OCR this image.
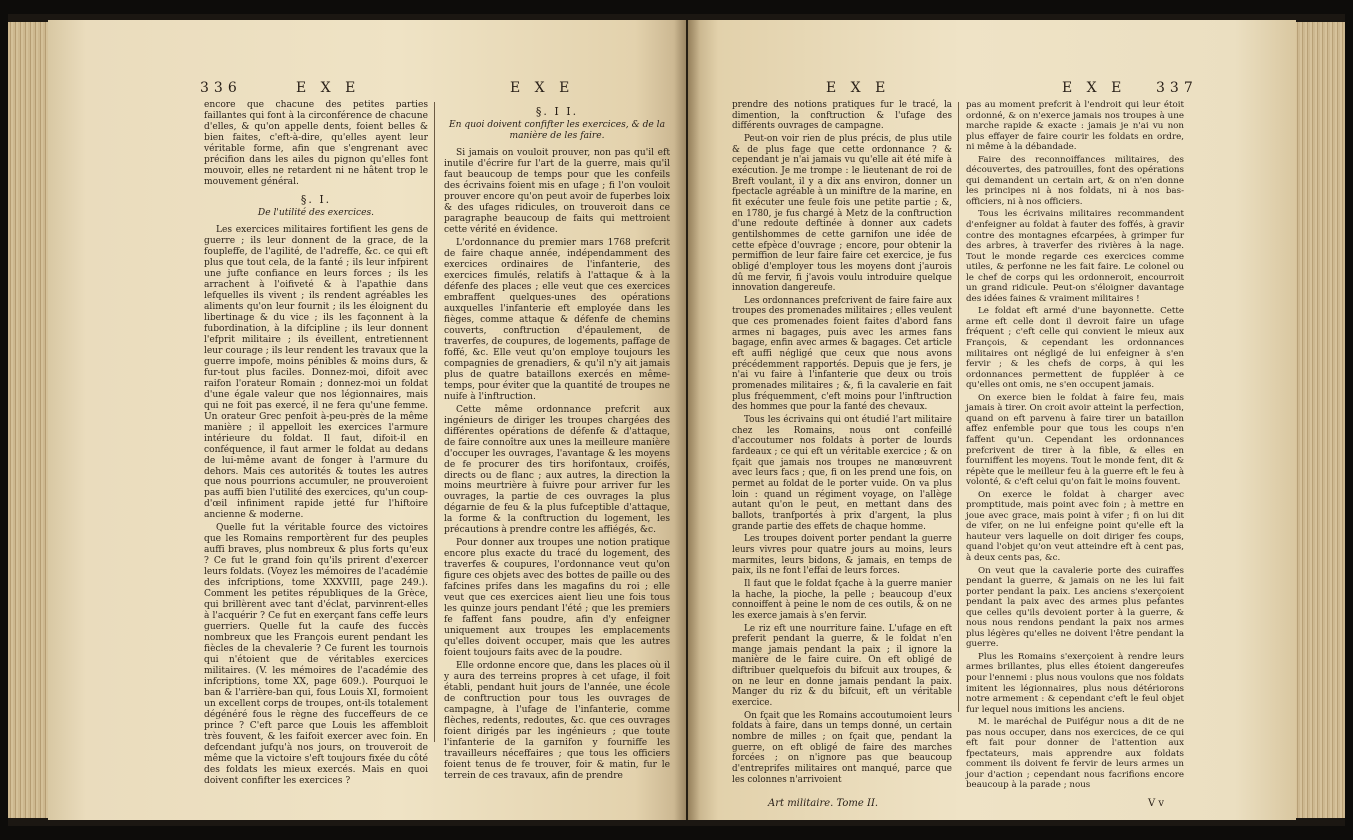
336	E X E	E X E

encore que chacune des petites parties faillantes qui font à la circonférence de chacune d'elles, & qu'on appelle dents, foient belles & bien faites, c'eft-à-dire, qu'elles ayent leur véritable forme, afin que s'engrenant avec précifion dans les ailes du pignon qu'elles font mouvoir, elles ne retardent ni ne hâtent trop le mouvement général.

§. I.
De l'utilité des exercices.

Les exercices militaires fortifient les gens de guerre ; ils leur donnent de la grace, de la foupleffe, de l'agilité, de l'adreffe, &c. ce qui eft plus que tout cela, de la fanté ; ils leur infpirent une jufte confiance en leurs forces ; ils les arrachent à l'oifiveté & à l'apathie dans lefquelles ils vivent ; ils rendent agréables les aliments qu'on leur fournit ; ils les éloignent du libertinage & du vice ; ils les façonnent à la fubordination, à la difcipline ; ils leur donnent l'efprit militaire ; ils éveillent, entretiennent leur courage ; ils leur rendent les travaux que la guerre impofe, moins pénibles & moins durs, & fur-tout plus faciles. Donnez-moi, difoit avec raifon l'orateur Romain ; donnez-moi un foldat d'une égale valeur que nos légionnaires, mais qui ne foit pas exercé, il ne fera qu'une femme. Un orateur Grec penfoit à-peu-près de la même manière ; il appelloit les exercices l'armure intérieure du foldat. Il faut, difoit-il en conféquence, il faut armer le foldat au dedans de lui-même avant de fonger à l'armure du dehors. Mais ces autorités & toutes les autres que nous pourrions accumuler, ne prouveroient pas auffi bien l'utilité des exercices, qu'un coup-d'œil infiniment rapide jetté fur l'hiftoire ancienne & moderne.

Quelle fut la véritable fource des victoires que les Romains remportèrent fur des peuples auffi braves, plus nombreux & plus forts qu'eux ? Ce fut le grand foin qu'ils prirent d'exercer leurs foldats. (Voyez les mémoires de l'académie des infcriptions, tome XXXVIII, page 249.). Comment les petites républiques de la Grèce, qui brillèrent avec tant d'éclat, parvinrent-elles à l'acquérir ? Ce fut en exerçant fans ceffe leurs guerriers. Quelle fut la caufe des fuccès nombreux que les François eurent pendant les fiècles de la chevalerie ? Ce furent les tournois qui n'étoient que de véritables exercices militaires. (V. les mémoires de l'académie des infcriptions, tome XX, page 609.). Pourquoi le ban & l'arrière-ban qui, fous Louis XI, formoient un excellent corps de troupes, ont-ils totalement dégénéré fous le règne des fucceffeurs de ce prince ? C'eft parce que Louis les affembloit très fouvent, & les faifoit exercer avec foin. En defcendant jufqu'à nos jours, on trouveroit de même que la victoire s'eft toujours fixée du côté des foldats les mieux exercés. Mais en quoi doivent confifter les exercices ?

§. I I.
En quoi doivent confifter les exercices, & de la manière de les faire.

Si jamais on vouloit prouver, non pas qu'il eft inutile d'écrire fur l'art de la guerre, mais qu'il faut beaucoup de temps pour que les confeils des écrivains foient mis en ufage ; fi l'on vouloit prouver encore qu'on peut avoir de fuperbes loix & des ufages ridicules, on trouveroit dans ce paragraphe beaucoup de faits qui mettroient cette vérité en évidence.

L'ordonnance du premier mars 1768 prefcrit de faire chaque année, indépendamment des exercices ordinaires de l'infanterie, des exercices fimulés, relatifs à l'attaque & à la défenfe des places ; elle veut que ces exercices embraffent quelques-unes des opérations auxquelles l'infanterie eft employée dans les fièges, comme attaque & défenfe de chemins couverts, conftruction d'épaulement, de traverfes, de coupures, de logements, paffage de foffé, &c. Elle veut qu'on employe toujours les compagnies de grenadiers, & qu'il n'y ait jamais plus de quatre bataillons exercés en même-temps, pour éviter que la quantité de troupes ne nuife à l'inftruction.

Cette même ordonnance prefcrit aux ingénieurs de diriger les troupes chargées des différentes opérations de défenfe & d'attaque, de faire connoître aux unes la meilleure manière d'occuper les ouvrages, l'avantage & les moyens de fe procurer des tirs horifontaux, croifés, directs ou de flanc ; aux autres, la direction la moins meurtrière à fuivre pour arriver fur les ouvrages, la partie de ces ouvrages la plus dégarnie de feu & la plus fufceptible d'attaque, la forme & la conftruction du logement, les précautions à prendre contre les affiégés, &c.

Pour donner aux troupes une notion pratique encore plus exacte du tracé du logement, des traverfes & coupures, l'ordonnance veut qu'on figure ces objets avec des bottes de paille ou des fafcines prifes dans les magafins du roi ; elle veut que ces exercices aient lieu une fois tous les quinze jours pendant l'été ; que les premiers fe faffent fans poudre, afin d'y enfeigner uniquement aux troupes les emplacements qu'elles doivent occuper, mais que les autres foient toujours faits avec de la poudre.

Elle ordonne encore que, dans les places où il y aura des terreins propres à cet ufage, il foit établi, pendant huit jours de l'année, une école de conftruction pour tous les ouvrages de campagne, à l'ufage de l'infanterie, comme flèches, redents, redoutes, &c. que ces ouvrages foient dirigés par les ingénieurs ; que toute l'infanterie de la garnifon y fourniffe les travailleurs néceffaires ; que tous les officiers foient tenus de fe trouver, foir & matin, fur le terrein de ces travaux, afin de prendre

E X E	E X E 337

prendre des notions pratiques fur le tracé, la dimention, la conftruction & l'ufage des différents ouvrages de campagne.

Peut-on voir rien de plus précis, de plus utile & de plus fage que cette ordonnance ? & cependant je n'ai jamais vu qu'elle ait été mife à exécution. Je me trompe : le lieutenant de roi de Breft voulant, il y a dix ans environ, donner un fpectacle agréable à un miniftre de la marine, en fit exécuter une feule fois une petite partie ; &, en 1780, je fus chargé à Metz de la conftruction d'une redoute deftinée à donner aux cadets gentilshommes de cette garnifon une idée de cette efpèce d'ouvrage ; encore, pour obtenir la permiffion de leur faire faire cet exercice, je fus obligé d'employer tous les moyens dont j'aurois dû me fervir, fi j'avois voulu introduire quelque innovation dangereufe.

Les ordonnances prefcrivent de faire faire aux troupes des promenades militaires ; elles veulent que ces promenades foient faites d'abord fans armes ni bagages, puis avec les armes fans bagage, enfin avec armes & bagages. Cet article eft auffi négligé que ceux que nous avons précédemment rapportés. Depuis que je fers, je n'ai vu faire à l'infanterie que deux ou trois promenades militaires ; &, fi la cavalerie en fait plus fréquemment, c'eft moins pour l'inftruction des hommes que pour la fanté des chevaux.

Tous les écrivains qui ont étudié l'art militaire chez les Romains, nous ont confeillé d'accoutumer nos foldats à porter de lourds fardeaux ; ce qui eft un véritable exercice ; & on fçait que jamais nos troupes ne manœuvrent avec leurs facs ; que, fi on les prend une fois, on permet au foldat de le porter vuide. On va plus loin : quand un régiment voyage, on l'allège autant qu'on le peut, en mettant dans des ballots, tranfportés à prix d'argent, la plus grande partie des effets de chaque homme.

Les troupes doivent porter pendant la guerre leurs vivres pour quatre jours au moins, leurs marmites, leurs bidons, & jamais, en temps de paix, ils ne font l'effai de leurs forces.

Il faut que le foldat fçache à la guerre manier la hache, la pioche, la pelle ; beaucoup d'eux connoiffent à peine le nom de ces outils, & on ne les exerce jamais à s'en fervir.

Le riz eft une nourriture faine. L'ufage en eft preferit pendant la guerre, & le foldat n'en mange jamais pendant la paix ; il ignore la manière de le faire cuire. On eft obligé de diftribuer quelquefois du bifcuit aux troupes, & on ne leur en donne jamais pendant la paix. Manger du riz & du bifcuit, eft un véritable exercice.

On fçait que les Romains accoutumoient leurs foldats à faire, dans un temps donné, un certain nombre de milles ; on fçait que, pendant la guerre, on eft obligé de faire des marches forcées ; on n'ignore pas que beaucoup d'entreprifes militaires ont manqué, parce que les colonnes n'arrivoient

Art militaire. Tome II.

pas au moment prefcrit à l'endroit qui leur étoit ordonné, & on n'exerce jamais nos troupes à une marche rapide & exacte : jamais je n'ai vu non plus effayer de faire courir les foldats en ordre, ni même à la débandade.

Faire des reconnoiffances militaires, des découvertes, des patrouilles, font des opérations qui demandent un certain art, & on n'en donne les principes ni à nos foldats, ni à nos bas-officiers, ni à nos officiers.

Tous les écrivains militaires recommandent d'enfeigner au foldat à fauter des foffés, à gravir contre des montagnes efcarpées, à grimper fur des arbres, à traverfer des rivières à la nage. Tout le monde regarde ces exercices comme utiles, & perfonne ne les fait faire. Le colonel ou le chef de corps qui les ordonneroit, encourroit un grand ridicule. Peut-on s'éloigner davantage des idées faines & vraiment militaires !

Le foldat eft armé d'une bayonnette. Cette arme eft celle dont il devroit faire un ufage fréquent ; c'eft celle qui convient le mieux aux François, & cependant les ordonnances militaires ont négligé de lui enfeigner à s'en fervir ; & les chefs de corps, à qui les ordonnances permettent de fuppléer à ce qu'elles ont omis, ne s'en occupent jamais.

On exerce bien le foldat à faire feu, mais jamais à tirer. On croit avoir atteint la perfection, quand on eft parvenu à faire tirer un bataillon affez enfemble pour que tous les coups n'en faffent qu'un. Cependant les ordonnances prefcrivent de tirer à la fible, & elles en fourniffent les moyens. Tout le monde fent, dit & répète que le meilleur feu à la guerre eft le feu à volonté, & c'eft celui qu'on fait le moins fouvent.

On exerce le foldat à charger avec promptitude, mais point avec foin ; à mettre en joue avec grace, mais point à vifer ; fi on lui dit de vifer, on ne lui enfeigne point qu'elle eft la hauteur vers laquelle on doit diriger fes coups, quand l'objet qu'on veut atteindre eft à cent pas, à deux cents pas, &c.

On veut que la cavalerie porte des cuiraffes pendant la guerre, & jamais on ne les lui fait porter pendant la paix. Les anciens s'exerçoient pendant la paix avec des armes plus pefantes que celles qu'ils devoient porter à la guerre, & nous nous rendons pendant la paix nos armes plus légères qu'elles ne doivent l'être pendant la guerre.

Plus les Romains s'exerçoient à rendre leurs armes brillantes, plus elles étoient dangereufes pour l'ennemi : plus nous voulons que nos foldats imitent les légionnaires, plus nous détériorons notre armement : & cependant c'eft le feul objet fur lequel nous imitions les anciens.

M. le maréchal de Puifégur nous a dit de ne pas nous occuper, dans nos exercices, de ce qui eft fait pour donner de l'attention aux fpectateurs, mais apprendre aux foldats comment ils doivent fe fervir de leurs armes un jour d'action ; cependant nous facrifions encore beaucoup à la parade ; nous

V v
